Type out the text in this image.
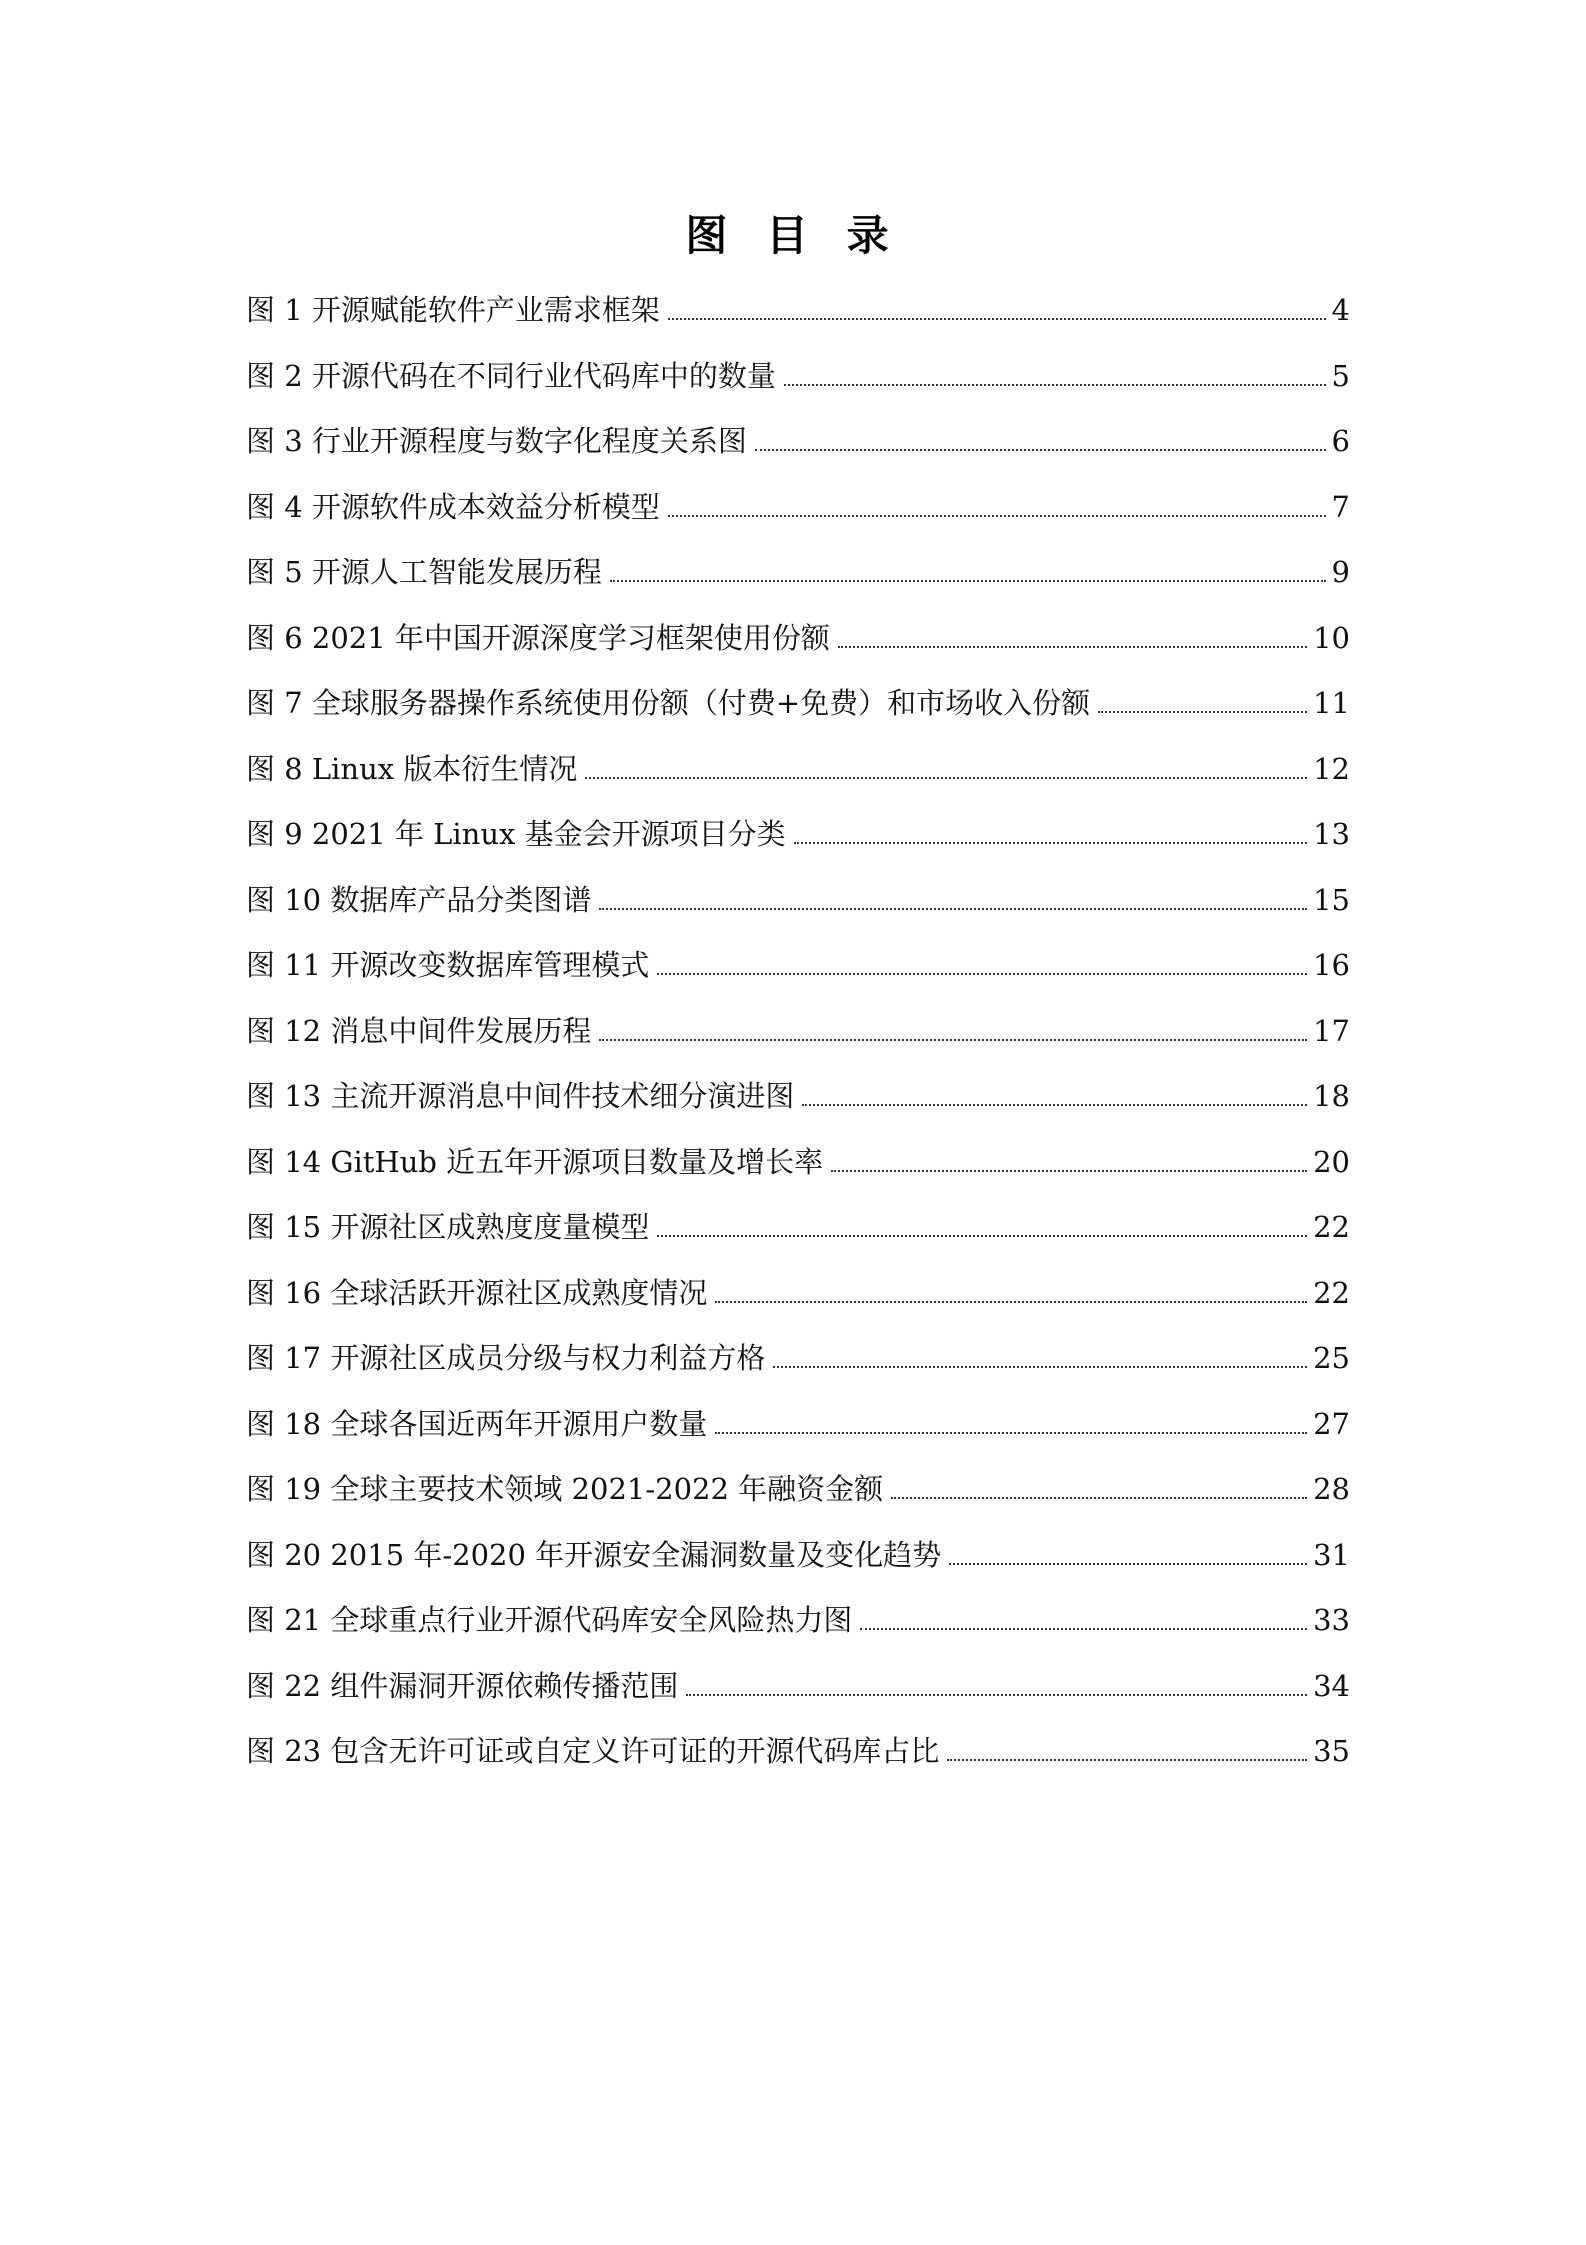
图 目 录
图 1 开源赋能软件产业需求框架	4
图 2 开源代码在不同行业代码库中的数量	5
图 3 行业开源程度与数字化程度关系图	6
图 4 开源软件成本效益分析模型	7
图 5 开源人工智能发展历程	9
图 6 2021 年中国开源深度学习框架使用份额	10
图 7 全球服务器操作系统使用份额（付费+免费）和市场收入份额	11
图 8 Linux 版本衍生情况	12
图 9 2021 年 Linux 基金会开源项目分类	13
图 10 数据库产品分类图谱	15
图 11 开源改变数据库管理模式	16
图 12 消息中间件发展历程	17
图 13 主流开源消息中间件技术细分演进图	18
图 14 GitHub 近五年开源项目数量及增长率	20
图 15 开源社区成熟度度量模型	22
图 16 全球活跃开源社区成熟度情况	22
图 17 开源社区成员分级与权力利益方格	25
图 18 全球各国近两年开源用户数量	27
图 19 全球主要技术领域 2021-2022 年融资金额	28
图 20 2015 年-2020 年开源安全漏洞数量及变化趋势	31
图 21 全球重点行业开源代码库安全风险热力图	33
图 22 组件漏洞开源依赖传播范围	34
图 23 包含无许可证或自定义许可证的开源代码库占比	35
